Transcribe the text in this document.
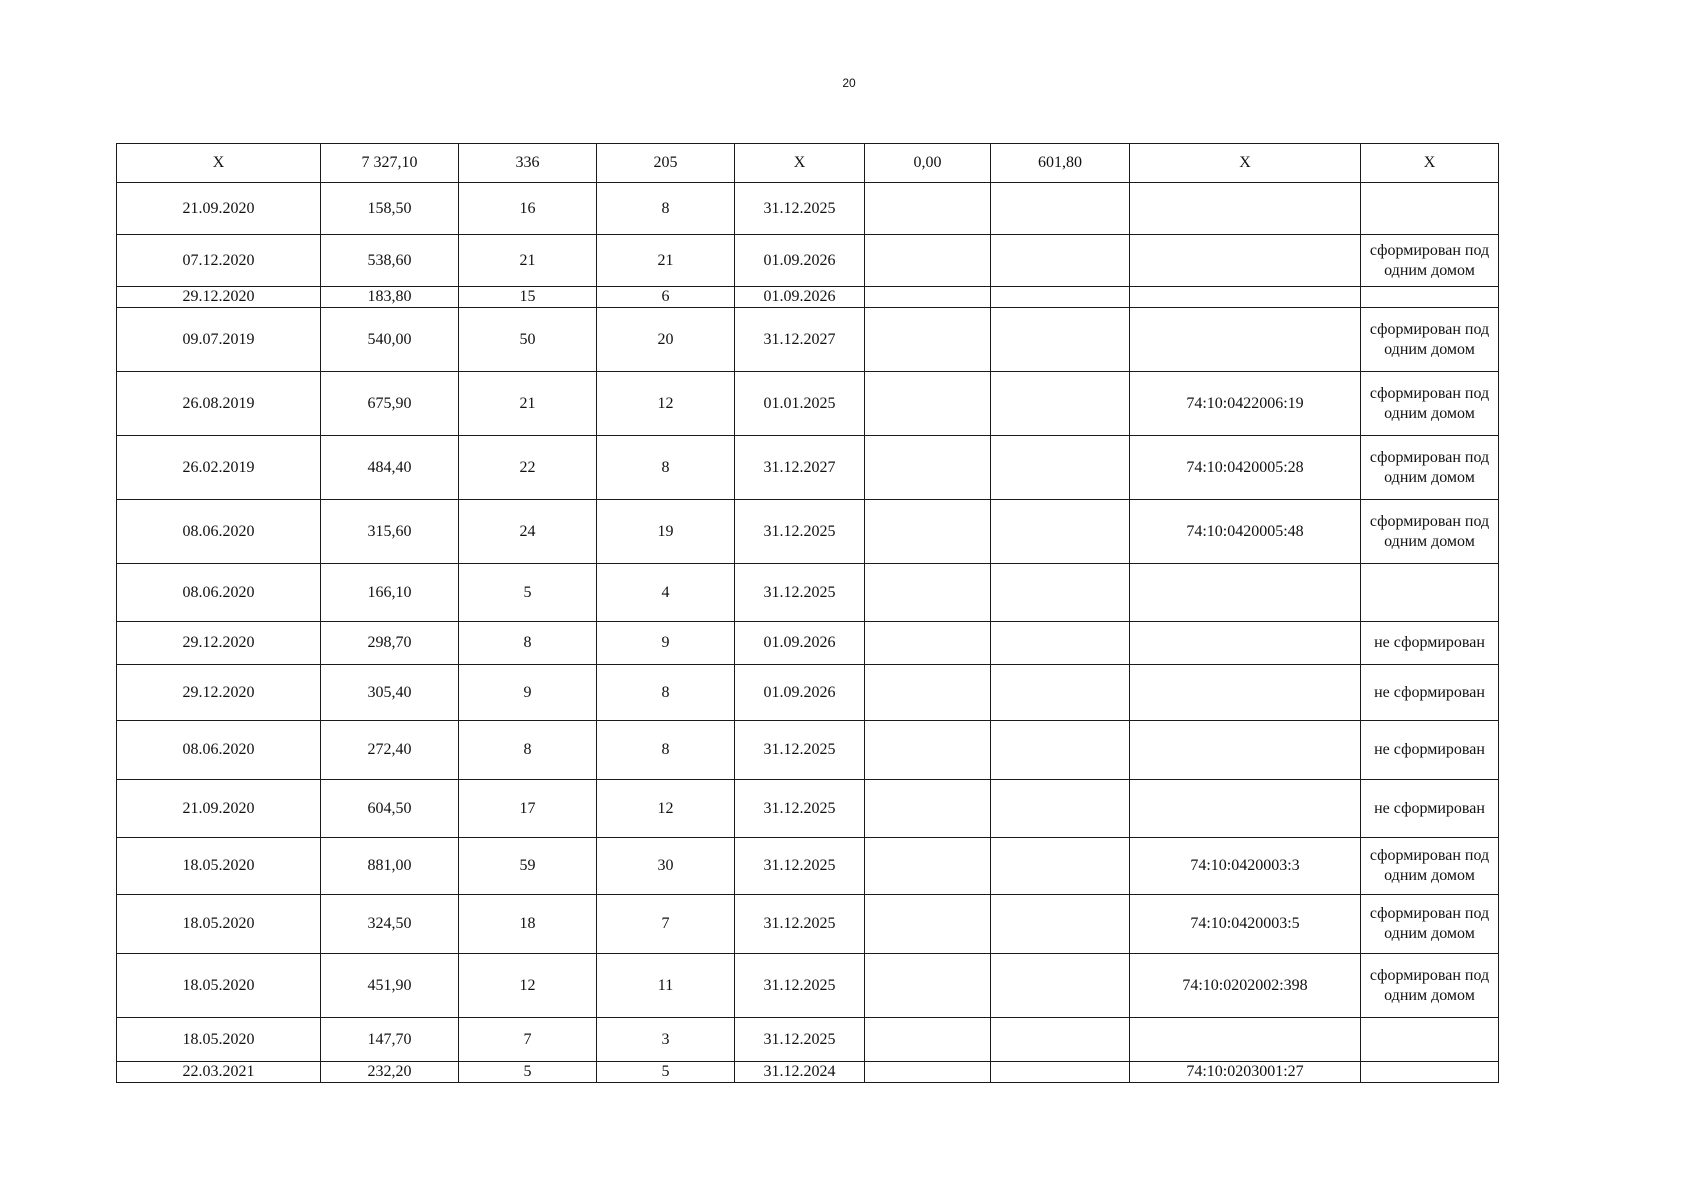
20
Х	7 327,10	336	205	Х	0,00	601,80	Х	Х
21.09.2020	158,50	16	8	31.12.2025				
07.12.2020	538,60	21	21	01.09.2026				сформирован под одним домом
29.12.2020	183,80	15	6	01.09.2026				
09.07.2019	540,00	50	20	31.12.2027				сформирован под одним домом
26.08.2019	675,90	21	12	01.01.2025			74:10:0422006:19	сформирован под одним домом
26.02.2019	484,40	22	8	31.12.2027			74:10:0420005:28	сформирован под одним домом
08.06.2020	315,60	24	19	31.12.2025			74:10:0420005:48	сформирован под одним домом
08.06.2020	166,10	5	4	31.12.2025				
29.12.2020	298,70	8	9	01.09.2026				не сформирован
29.12.2020	305,40	9	8	01.09.2026				не сформирован
08.06.2020	272,40	8	8	31.12.2025				не сформирован
21.09.2020	604,50	17	12	31.12.2025				не сформирован
18.05.2020	881,00	59	30	31.12.2025			74:10:0420003:3	сформирован под одним домом
18.05.2020	324,50	18	7	31.12.2025			74:10:0420003:5	сформирован под одним домом
18.05.2020	451,90	12	11	31.12.2025			74:10:0202002:398	сформирован под одним домом
18.05.2020	147,70	7	3	31.12.2025				
22.03.2021	232,20	5	5	31.12.2024			74:10:0203001:27	
